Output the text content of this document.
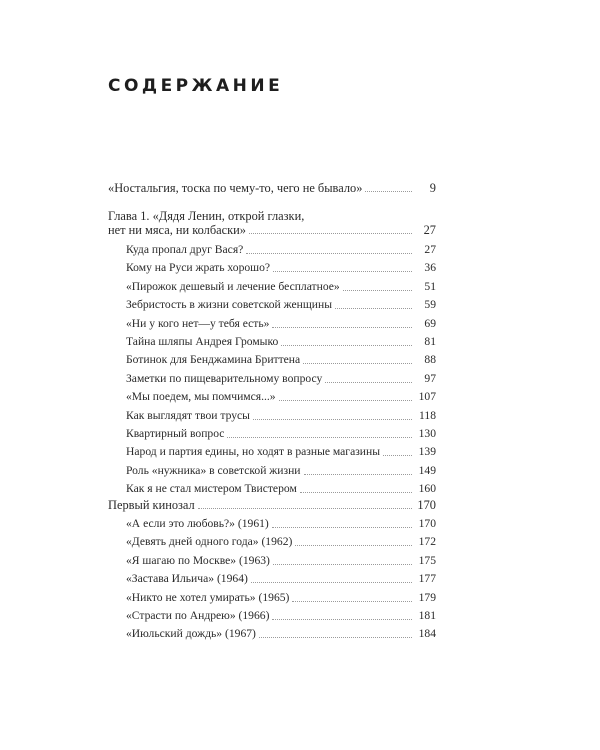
СОДЕРЖАНИЕ
«Ностальгия, тоска по чему-то, чего не бывало»	9
Глава 1. «Дядя Ленин, открой глазки,
нет ни мяса, ни колбаски»	27
Куда пропал друг Вася?	27
Кому на Руси жрать хорошо?	36
«Пирожок дешевый и лечение бесплатное»	51
Зебристость в жизни советской женщины	59
«Ни у кого нет—у тебя есть»	69
Тайна шляпы Андрея Громыко	81
Ботинок для Бенджамина Бриттена	88
Заметки по пищеварительному вопросу	97
«Мы поедем, мы помчимся...»	107
Как выглядят твои трусы	118
Квартирный вопрос	130
Народ и партия едины, но ходят в разные магазины	139
Роль «нужника» в советской жизни	149
Как я не стал мистером Твистером	160
Первый кинозал	170
«А если это любовь?» (1961)	170
«Девять дней одного года» (1962)	172
«Я шагаю по Москве» (1963)	175
«Застава Ильича» (1964)	177
«Никто не хотел умирать» (1965)	179
«Страсти по Андрею» (1966)	181
«Июльский дождь» (1967)	184
